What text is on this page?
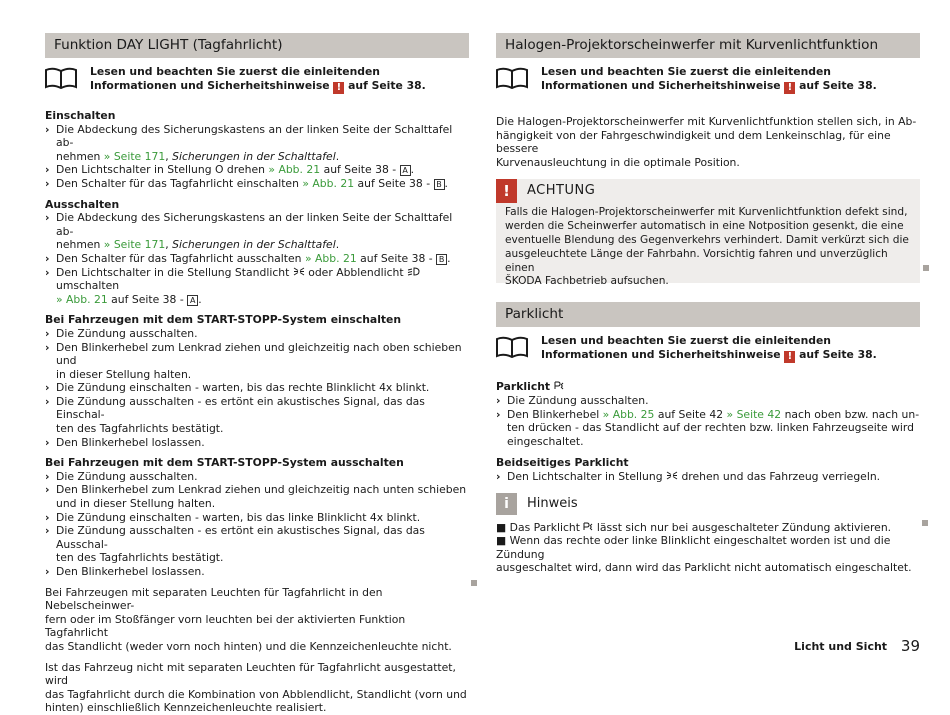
Funktion DAY LIGHT (Tagfahrlicht)
Lesen und beachten Sie zuerst die einleitenden Informationen und Sicherheitshinweise ! auf Seite 38.
Einschalten
› Die Abdeckung des Sicherungskastens an der linken Seite der Schalttafel ab-
nehmen » Seite 171, Sicherungen in der Schalttafel.
› Den Lichtschalter in Stellung O drehen » Abb. 21 auf Seite 38 - A .
› Den Schalter für das Tagfahrlicht einschalten » Abb. 21 auf Seite 38 - B .
Ausschalten
› Die Abdeckung des Sicherungskastens an der linken Seite der Schalttafel ab-
nehmen » Seite 171, Sicherungen in der Schalttafel.
› Den Schalter für das Tagfahrlicht ausschalten » Abb. 21 auf Seite 38 - B .
› Den Lichtschalter in die Stellung Standlicht oder Abblendlicht  umschalten
» Abb. 21 auf Seite 38 - A .
Bei Fahrzeugen mit dem START-STOPP-System einschalten
› Die Zündung ausschalten.
› Den Blinkerhebel zum Lenkrad ziehen und gleichzeitig nach oben schieben und
in dieser Stellung halten.
› Die Zündung einschalten - warten, bis das rechte Blinklicht 4x blinkt.
› Die Zündung ausschalten - es ertönt ein akustisches Signal, das das Einschal-
ten des Tagfahrlichts bestätigt.
› Den Blinkerhebel loslassen.
Bei Fahrzeugen mit dem START-STOPP-System ausschalten
› Die Zündung ausschalten.
› Den Blinkerhebel zum Lenkrad ziehen und gleichzeitig nach unten schieben
und in dieser Stellung halten.
› Die Zündung einschalten - warten, bis das linke Blinklicht 4x blinkt.
› Die Zündung ausschalten - es ertönt ein akustisches Signal, das das Ausschal-
ten des Tagfahrlichts bestätigt.
› Den Blinkerhebel loslassen.
Bei Fahrzeugen mit separaten Leuchten für Tagfahrlicht in den Nebelscheinwer-
fern oder im Stoßfänger vorn leuchten bei der aktivierten Funktion Tagfahrlicht
das Standlicht (weder vorn noch hinten) und die Kennzeichenleuchte nicht.
Ist das Fahrzeug nicht mit separaten Leuchten für Tagfahrlicht ausgestattet, wird
das Tagfahrlicht durch die Kombination von Abblendlicht, Standlicht (vorn und
hinten) einschließlich Kennzeichenleuchte realisiert.
Halogen-Projektorscheinwerfer mit Kurvenlichtfunktion
Lesen und beachten Sie zuerst die einleitenden Informationen und Sicherheitshinweise ! auf Seite 38.
Die Halogen-Projektorscheinwerfer mit Kurvenlichtfunktion stellen sich, in Ab-
hängigkeit von der Fahrgeschwindigkeit und dem Lenkeinschlag, für eine bessere
Kurvenausleuchtung in die optimale Position.
!	ACHTUNG
Falls die Halogen-Projektorscheinwerfer mit Kurvenlichtfunktion defekt sind,
werden die Scheinwerfer automatisch in eine Notposition gesenkt, die eine
eventuelle Blendung des Gegenverkehrs verhindert. Damit verkürzt sich die
ausgeleuchtete Länge der Fahrbahn. Vorsichtig fahren und unverzüglich einen
ŠKODA Fachbetrieb aufsuchen.
Parklicht
Lesen und beachten Sie zuerst die einleitenden Informationen und Sicherheitshinweise ! auf Seite 38.
Parklicht
› Die Zündung ausschalten.
› Den Blinkerhebel » Abb. 25 auf Seite 42 » Seite 42 nach oben bzw. nach un-
ten drücken - das Standlicht auf der rechten bzw. linken Fahrzeugseite wird
eingeschaltet.
Beidseitiges Parklicht
› Den Lichtschalter in Stellung drehen und das Fahrzeug verriegeln.
i	Hinweis
■ Das Parklicht lässt sich nur bei ausgeschalteter Zündung aktivieren.
■ Wenn das rechte oder linke Blinklicht eingeschaltet worden ist und die Zündung
ausgeschaltet wird, dann wird das Parklicht nicht automatisch eingeschaltet.
Licht und Sicht 39
